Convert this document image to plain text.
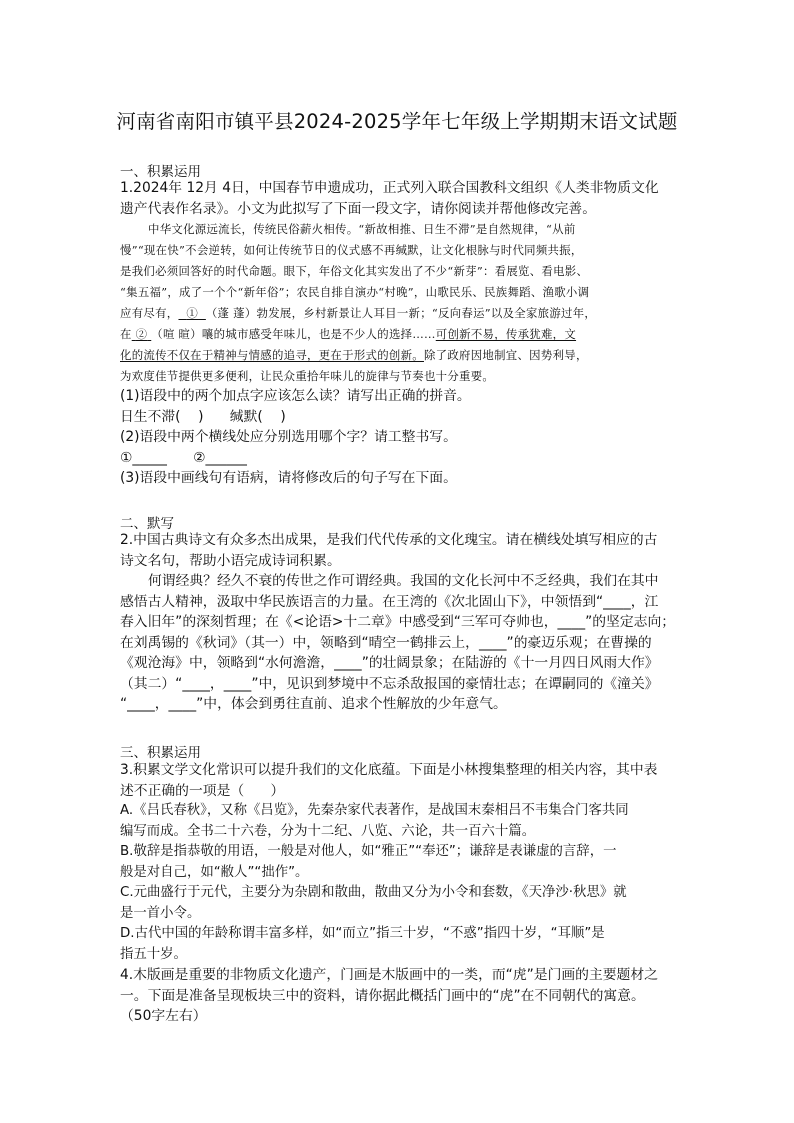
河南省南阳市镇平县2024-2025学年七年级上学期期末语文试题
一、积累运用
1.2024年 12月 4日，中国春节申遗成功，正式列入联合国教科文组织《人类非物质文化
遗产代表作名录》。小文为此拟写了下面一段文字，请你阅读并帮他修改完善。
中华文化源远流长，传统民俗薪火相传。“新故相推、日生不滞”是自然规律，“从前
慢”“现在快”不会逆转，如何让传统节日的仪式感不再缄默，让文化根脉与时代同频共振，
是我们必须回答好的时代命题。眼下，年俗文化其实发出了不少“新芽”：看展览、看电影、
“集五福”，成了一个个“新年俗”；农民自排自演办“村晚”，山歌民乐、民族舞蹈、渔歌小调
应有尽有， ① （蓬 蓬）勃发展，乡村新景让人耳目一新；“反向春运”以及全家旅游过年，
在 ② （喧 暄）嚷的城市感受年味儿，也是不少人的选择……可创新不易，传承犹难，文
化的流传不仅在于精神与情感的追寻，更在于形式的创新。除了政府因地制宜、因势利导，
为欢度佳节提供更多便利，让民众重拾年味儿的旋律与节奏也十分重要。
(1)语段中的两个加点字应该怎么读？请写出正确的拼音。
日生不滞(    )      缄默(    )
(2)语段中两个横线处应分别选用哪个字？请工整书写。
①_____      ②______
(3)语段中画线句有语病，请将修改后的句子写在下面。
二、默写
2.中国古典诗文有众多杰出成果，是我们代代传承的文化瑰宝。请在横线处填写相应的古
诗文名句，帮助小语完成诗词积累。
何谓经典？经久不衰的传世之作可谓经典。我国的文化长河中不乏经典，我们在其中
感悟古人精神，汲取中华民族语言的力量。在王湾的《次北固山下》，中领悟到“____，江
春入旧年”的深刻哲理；在《<论语>十二章》中感受到“三军可夺帅也，____”的坚定志向；
在刘禹锡的《秋词》（其一）中，领略到“晴空一鹤排云上，____”的豪迈乐观；在曹操的
《观沧海》中，领略到“水何澹澹，____”的壮阔景象；在陆游的《十一月四日风雨大作》
（其二）“____，____”中，见识到梦境中不忘杀敌报国的豪情壮志；在谭嗣同的《潼关》
“____，____”中，体会到勇往直前、追求个性解放的少年意气。
三、积累运用
3.积累文学文化常识可以提升我们的文化底蕴。下面是小林搜集整理的相关内容，其中表
述不正确的一项是（      ）
A.《吕氏春秋》，又称《吕览》，先秦杂家代表著作，是战国末秦相吕不韦集合门客共同
编写而成。全书二十六卷，分为十二纪、八览、六论，共一百六十篇。
B.敬辞是指恭敬的用语，一般是对他人，如“雅正”“奉还”；谦辞是表谦虚的言辞，一
般是对自己，如“敝人”“拙作”。
C.元曲盛行于元代，主要分为杂剧和散曲，散曲又分为小令和套数，《天净沙·秋思》就
是一首小令。
D.古代中国的年龄称谓丰富多样，如“而立”指三十岁，“不惑”指四十岁，“耳顺”是
指五十岁。
4.木版画是重要的非物质文化遗产，门画是木版画中的一类，而“虎”是门画的主要题材之
一。下面是准备呈现板块三中的资料，请你据此概括门画中的“虎”在不同朝代的寓意。
（50字左右）
